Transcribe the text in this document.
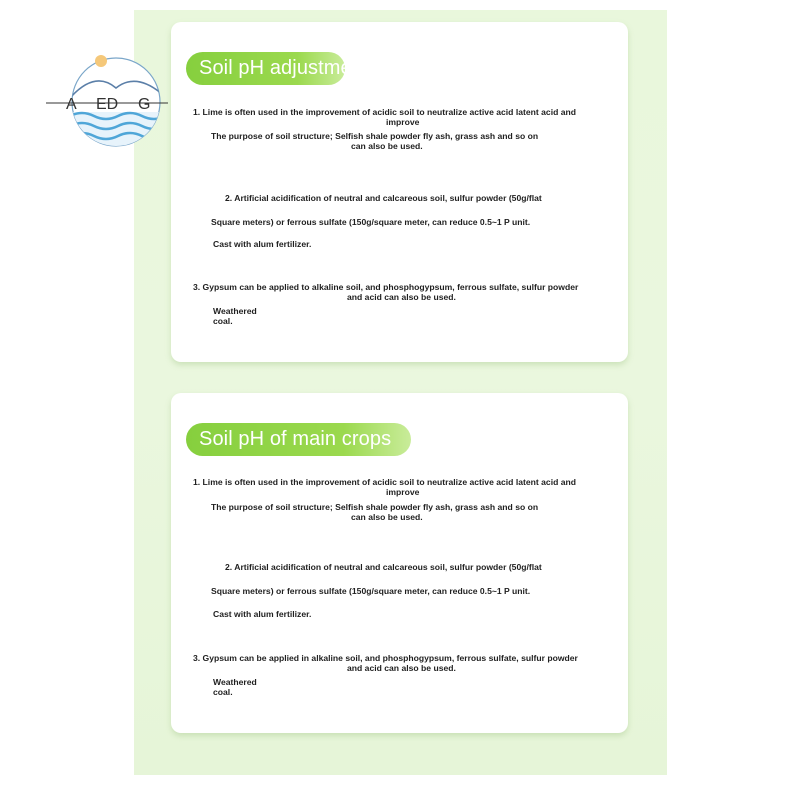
A ED G
Soil pH adjustment
1. Lime is often used in the improvement of acidic soil to neutralize active acid latent acid and
improve
The purpose of soil structure; Selfish shale powder fly ash, grass ash and so on
can also be used.
2. Artificial acidification of neutral and calcareous soil, sulfur powder (50g/flat
Square meters) or ferrous sulfate (150g/square meter, can reduce 0.5~1 P unit.
Cast with alum fertilizer.
3. Gypsum can be applied to alkaline soil, and phosphogypsum, ferrous sulfate, sulfur powder
and acid can also be used.
Weathered
coal.
Soil pH of main crops
1. Lime is often used in the improvement of acidic soil to neutralize active acid latent acid and
improve
The purpose of soil structure; Selfish shale powder fly ash, grass ash and so on
can also be used.
2. Artificial acidification of neutral and calcareous soil, sulfur powder (50g/flat
Square meters) or ferrous sulfate (150g/square meter, can reduce 0.5~1 P unit.
Cast with alum fertilizer.
3. Gypsum can be applied in alkaline soil, and phosphogypsum, ferrous sulfate, sulfur powder
and acid can also be used.
Weathered
coal.
